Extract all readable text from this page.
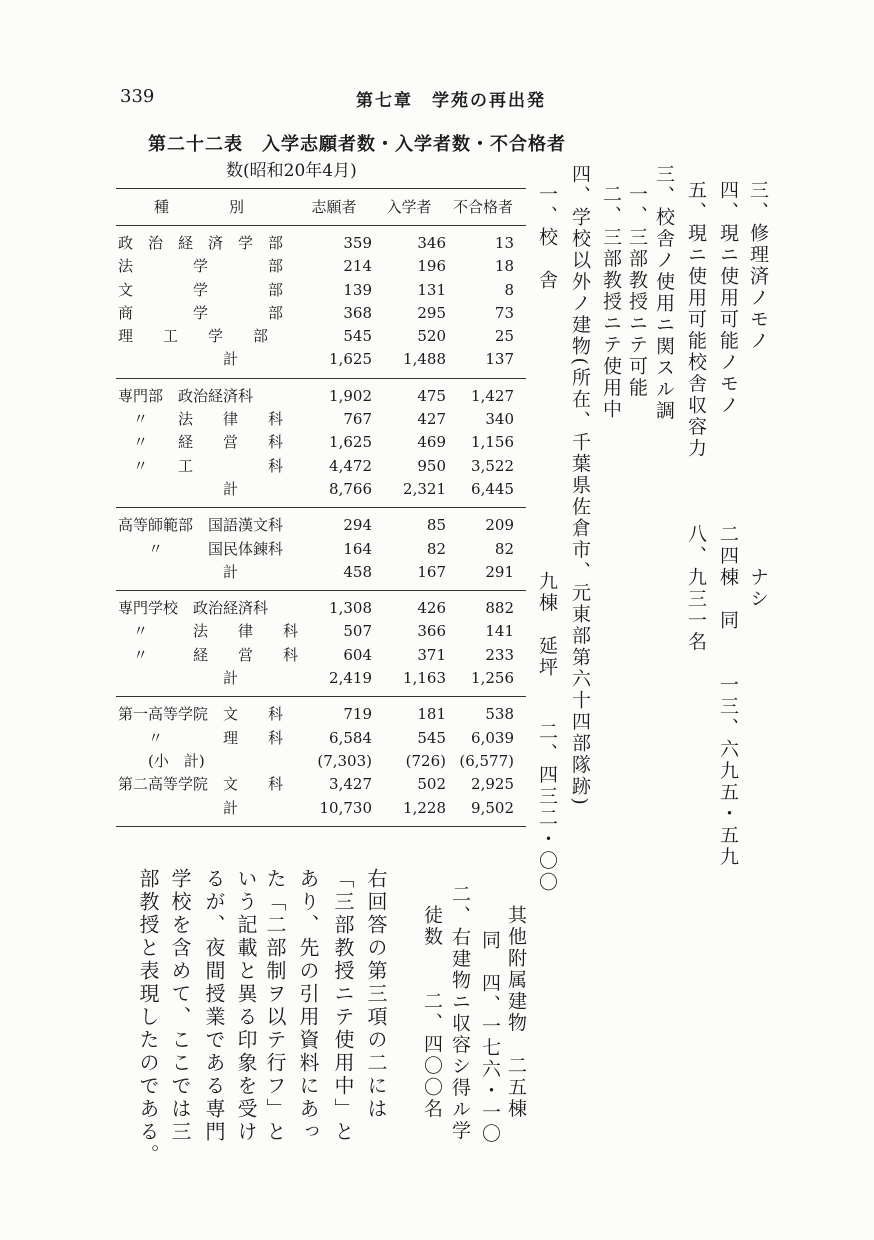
339	第七章　学苑の再出発
第二十二表　入学志願者数・入学者数・不合格者
数(昭和20年4月)
種　　　　別	志願者	入学者	不合格者
政　治　経　済　学　部	359	346	13
法　　　　学　　　　部	214	196	18
文　　　　学　　　　部	139	131	8
商　　　　学　　　　部	368	295	73
理　　工　　学　　部	545	520	25
　　　　　　　計	1,625	1,488	137
専門部　政治経済科	1,902	475	1,427
　〃　　法　　律　　科	767	427	340
　〃　　経　　営　　科	1,625	469	1,156
　〃　　工　　　　　科	4,472	950	3,522
　　　　　　　計	8,766	2,321	6,445
高等師範部　国語漢文科	294	85	209
　　〃　　　国民体錬科	164	82	82
　　　　　　　計	458	167	291
専門学校　政治経済科	1,308	426	882
　〃　　　法　　律　　科	507	366	141
　〃　　　経　　営　　科	604	371	233
　　　　　　　計	2,419	1,163	1,256
第一高等学院　文　　科	719	181	538
　　〃　　　　理　　科	6,584	545	6,039
　　(小　計)	(7,303)	(726) (6,577)
第二高等学院　文　　科	3,427	502	2,925
　　　　　　　計	10,730	1,228	9,502
三、修理済ノモノ　　　　　　　　　　ナシ
四、現ニ使用可能ノモノ　　　　　二四棟　同　　一三、六九五・五九
五、現ニ使用可能校舎収容力　　　八、九三一名
三、校舎ノ使用ニ関スル調
一、三部教授ニテ可能
二、三部教授ニテ使用中
四、学校以外ノ建物(所在、千葉県佐倉市、元東部第六十四部隊跡)
一、校　舎　　　　　　　　　　　　　九棟　延坪　　二、四三二・〇〇
其他附属建物　二五棟
同　四、一七六・一〇
二、右建物ニ収容シ得ル学
徒数　　二、四〇〇名
右回答の第三項の二には
「三部教授ニテ使用中」と
あり、先の引用資料にあっ
た「二部制ヲ以テ行フ」と
いう記載と異る印象を受け
るが、夜間授業である専門
学校を含めて、ここでは三
部教授と表現したのである。
